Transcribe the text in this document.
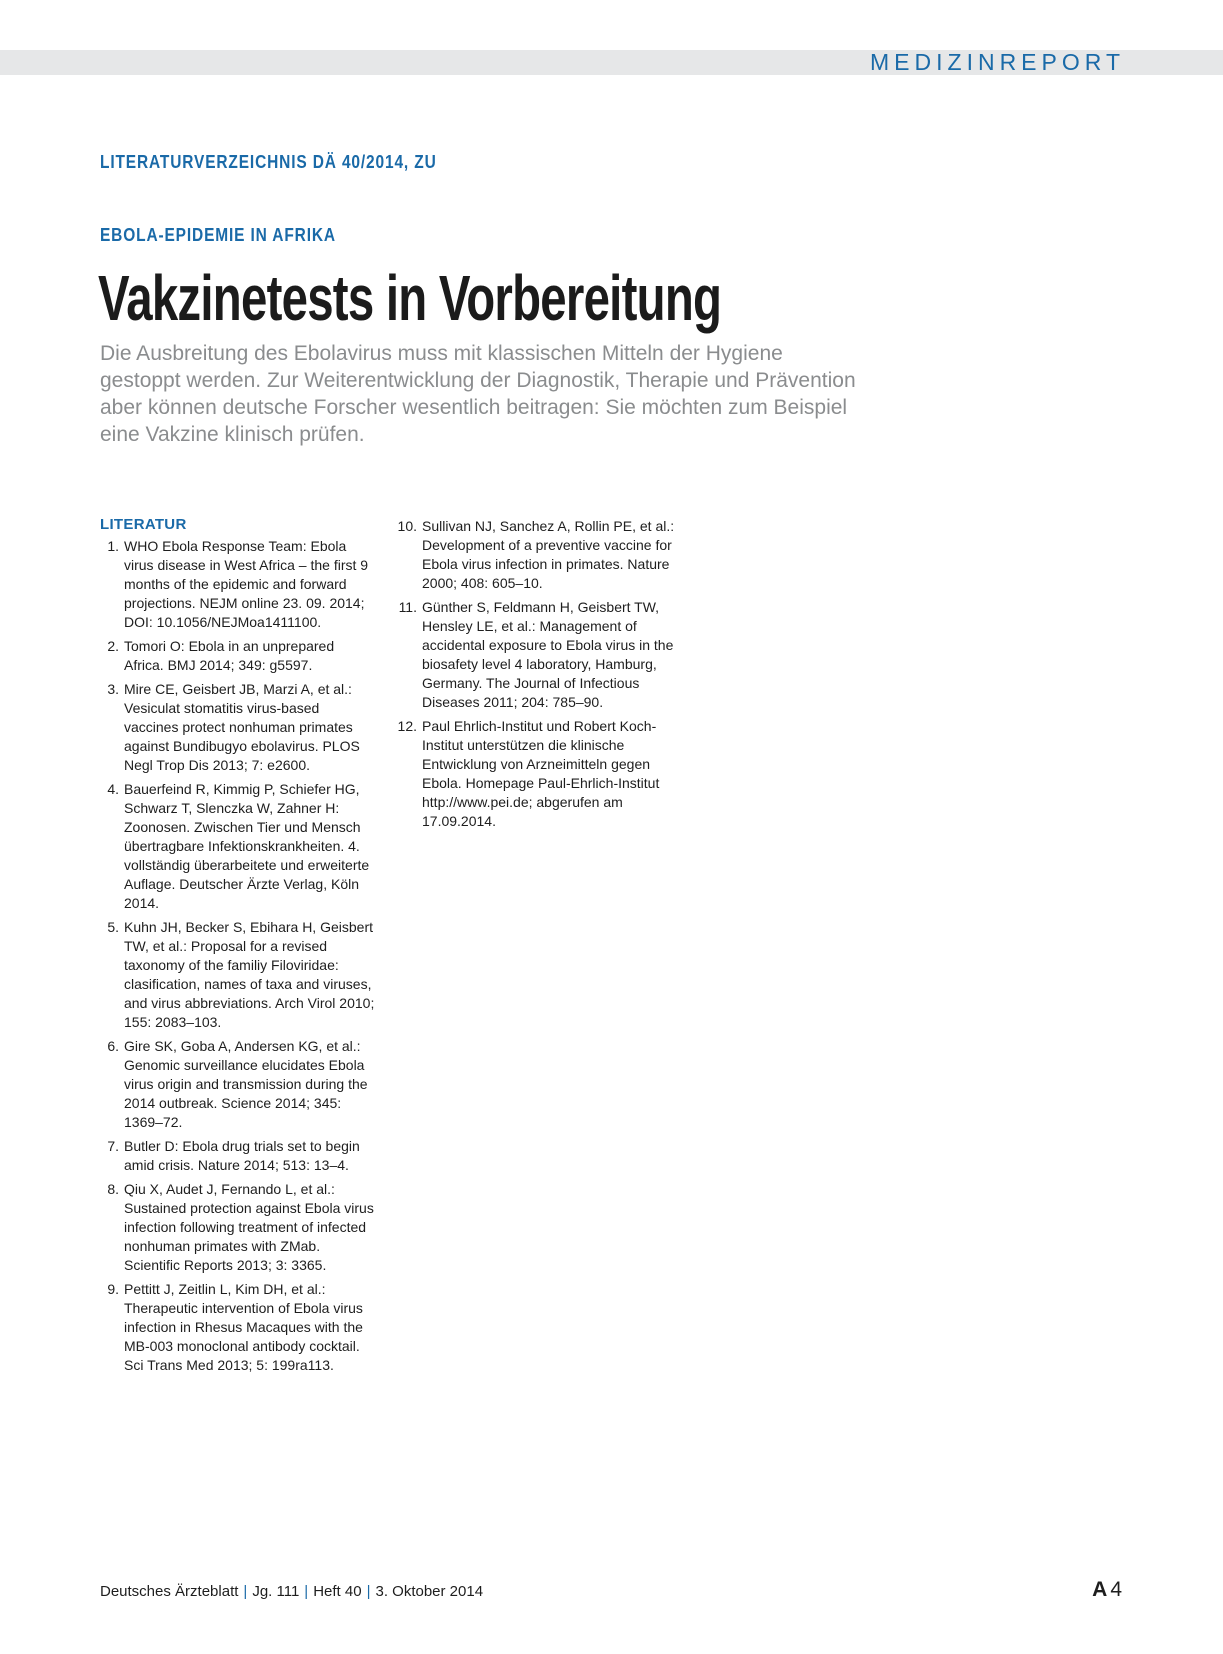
MEDIZINREPORT
LITERATURVERZEICHNIS DÄ 40/2014, ZU
EBOLA-EPIDEMIE IN AFRIKA
Vakzinetests in Vorbereitung

Die Ausbreitung des Ebolavirus muss mit klassischen Mitteln der Hygiene gestoppt werden. Zur Weiterentwicklung der Diagnostik, Therapie und Prävention aber können deutsche Forscher wesentlich beitragen: Sie möchten zum Beispiel eine Vakzine klinisch prüfen.

LITERATUR
1. WHO Ebola Response Team: Ebola virus disease in West Africa – the first 9 months of the epidemic and forward projections. NEJM online 23. 09. 2014; DOI: 10.1056/NEJMoa1411100.
2. Tomori O: Ebola in an unprepared Africa. BMJ 2014; 349: g5597.
3. Mire CE, Geisbert JB, Marzi A, et al.: Vesiculat stomatitis virus-based vaccines protect nonhuman primates against Bundibugyo ebolavirus. PLOS Negl Trop Dis 2013; 7: e2600.
4. Bauerfeind R, Kimmig P, Schiefer HG, Schwarz T, Slenczka W, Zahner H: Zoonosen. Zwischen Tier und Mensch übertragbare Infektionskrankheiten. 4. vollständig überarbeitete und erweiterte Auflage. Deutscher Ärzte Verlag, Köln 2014.
5. Kuhn JH, Becker S, Ebihara H, Geisbert TW, et al.: Proposal for a revised taxonomy of the familiy Filoviridae: clasification, names of taxa and viruses, and virus abbreviations. Arch Virol 2010; 155: 2083–103.
6. Gire SK, Goba A, Andersen KG, et al.: Genomic surveillance elucidates Ebola virus origin and transmission during the 2014 outbreak. Science 2014; 345: 1369–72.
7. Butler D: Ebola drug trials set to begin amid crisis. Nature 2014; 513: 13–4.
8. Qiu X, Audet J, Fernando L, et al.: Sustained protection against Ebola virus infection following treatment of infected nonhuman primates with ZMab. Scientific Reports 2013; 3: 3365.
9. Pettitt J, Zeitlin L, Kim DH, et al.: Therapeutic intervention of Ebola virus infection in Rhesus Macaques with the MB-003 monoclonal antibody cocktail. Sci Trans Med 2013; 5: 199ra113.
10. Sullivan NJ, Sanchez A, Rollin PE, et al.: Development of a preventive vaccine for Ebola virus infection in primates. Nature 2000; 408: 605–10.
11. Günther S, Feldmann H, Geisbert TW, Hensley LE, et al.: Management of accidental exposure to Ebola virus in the biosafety level 4 laboratory, Hamburg, Germany. The Journal of Infectious Diseases 2011; 204: 785–90.
12. Paul Ehrlich-Institut und Robert Koch-Institut unterstützen die klinische Entwicklung von Arzneimitteln gegen Ebola. Homepage Paul-Ehrlich-Institut http://www.pei.de; abgerufen am 17.09.2014.
Deutsches Ärzteblatt | Jg. 111 | Heft 40 | 3. Oktober 2014	A 4
